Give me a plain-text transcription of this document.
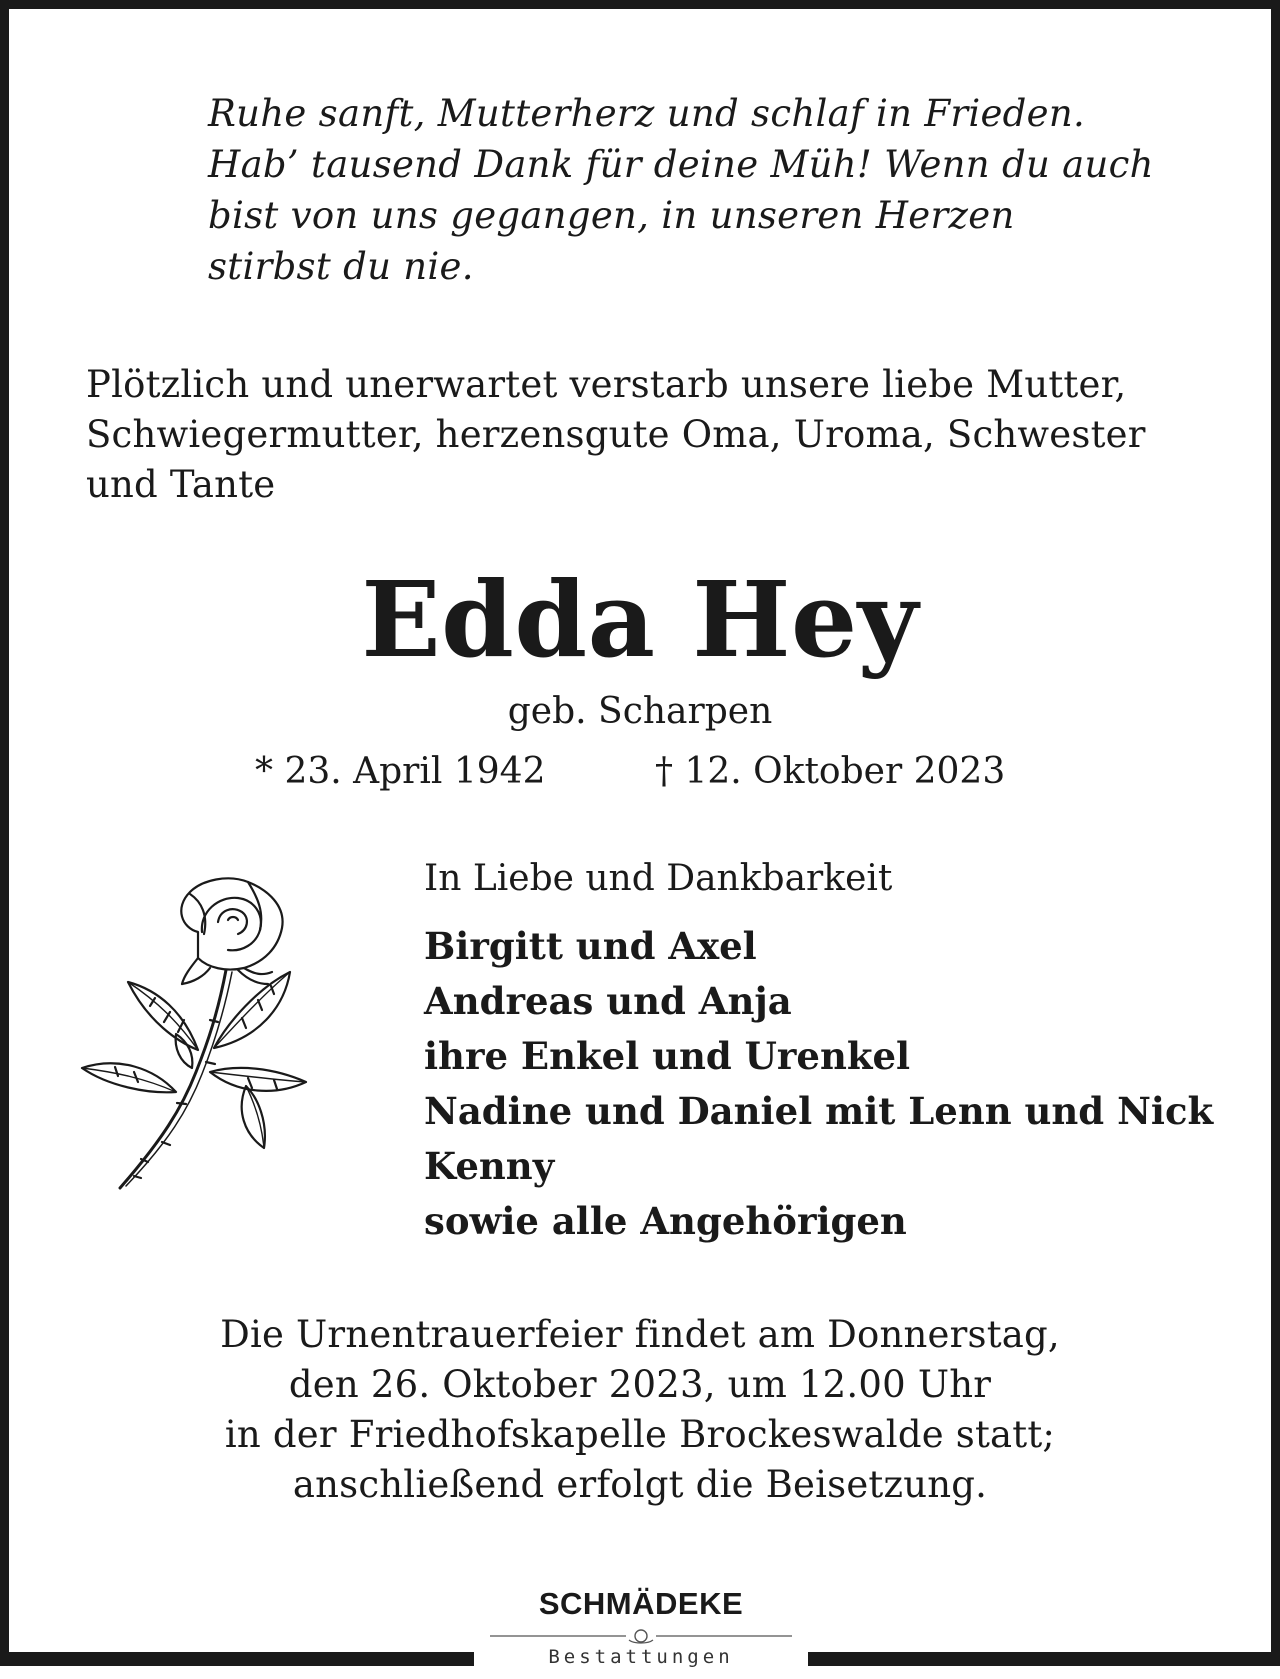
Ruhe sanft, Mutterherz und schlaf in Frieden.
Hab’ tausend Dank für deine Müh! Wenn du auch
bist von uns gegangen, in unseren Herzen
stirbst du nie.
Plötzlich und unerwartet verstarb unsere liebe Mutter,
Schwiegermutter, herzensgute Oma, Uroma, Schwester
und Tante
Edda Hey
geb. Scharpen
* 23. April 1942	† 12. Oktober 2023
In Liebe und Dankbarkeit
Birgitt und Axel
Andreas und Anja
ihre Enkel und Urenkel
Nadine und Daniel mit Lenn und Nick
Kenny
sowie alle Angehörigen
Die Urnentrauerfeier findet am Donnerstag,
den 26. Oktober 2023, um 12.00 Uhr
in der Friedhofskapelle Brockeswalde statt;
anschließend erfolgt die Beisetzung.
SCHMÄDEKE
Bestattungen
